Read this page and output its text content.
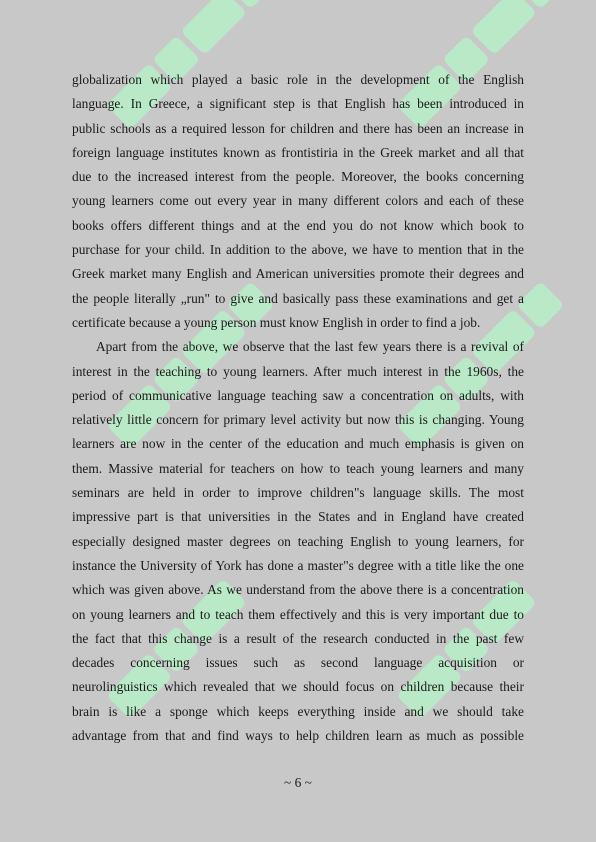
globalization which played a basic role in the development of the English
language. In Greece, a significant step is that English has been introduced in
public schools as a required lesson for children and there has been an increase in
foreign language institutes known as frontistiria in the Greek market and all that
due to the increased interest from the people. Moreover, the books concerning
young learners come out every year in many different colors and each of these
books offers different things and at the end you do not know which book to
purchase for your child. In addition to the above, we have to mention that in the
Greek market many English and American universities promote their degrees and
the people literally „run" to give and basically pass these examinations and get a
certificate because a young person must know English in order to find a job.
Apart from the above, we observe that the last few years there is a revival of
interest in the teaching to young learners. After much interest in the 1960s, the
period of communicative language teaching saw a concentration on adults, with
relatively little concern for primary level activity but now this is changing. Young
learners are now in the center of the education and much emphasis is given on
them. Massive material for teachers on how to teach young learners and many
seminars are held in order to improve children"s language skills. The most
impressive part is that universities in the States and in England have created
especially designed master degrees on teaching English to young learners, for
instance the University of York has done a master"s degree with a title like the one
which was given above. As we understand from the above there is a concentration
on young learners and to teach them effectively and this is very important due to
the fact that this change is a result of the research conducted in the past few
decades concerning issues such as second language acquisition or
neurolinguistics which revealed that we should focus on children because their
brain is like a sponge which keeps everything inside and we should take
advantage from that and find ways to help children learn as much as possible
~ 6 ~
